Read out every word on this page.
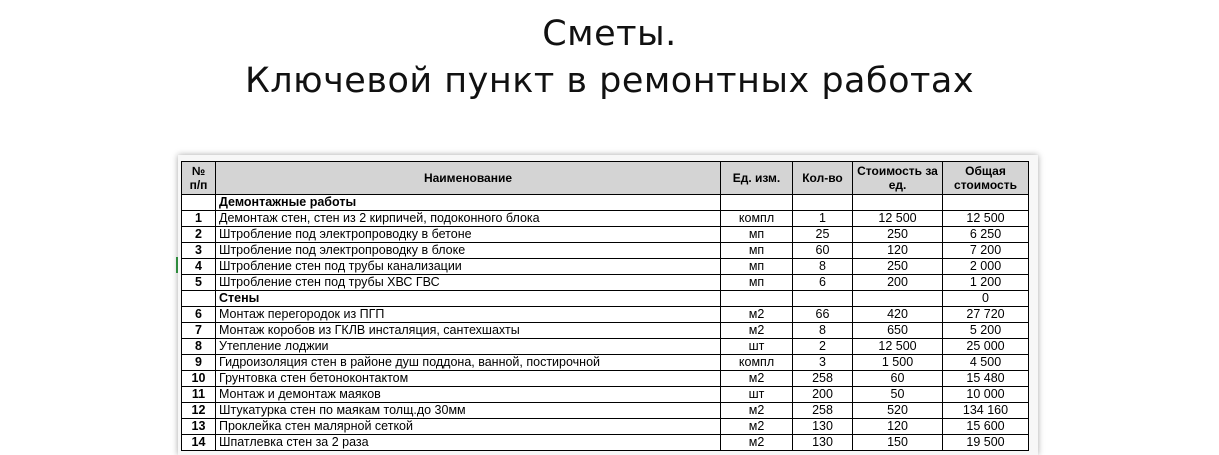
Сметы.
Ключевой пункт в ремонтных работах
№ п/п	Наименование	Ед. изм.	Кол-во	Стоимость за ед.	Общая стоимость
	Демонтажные работы				
1	Демонтаж стен, стен из 2 кирпичей, подоконного блока	компл	1	12 500	12 500
2	Штробление под электропроводку в бетоне	мп	25	250	6 250
3	Штробление под электропроводку в блоке	мп	60	120	7 200
4	Штробление стен под трубы канализации	мп	8	250	2 000
5	Штробление стен под трубы ХВС ГВС	мп	6	200	1 200
	Стены				0
6	Монтаж перегородок из ПГП	м2	66	420	27 720
7	Монтаж коробов из ГКЛВ инсталяция, сантехшахты	м2	8	650	5 200
8	Утепление лоджии	шт	2	12 500	25 000
9	Гидроизоляция стен в районе душ поддона, ванной, постирочной	компл	3	1 500	4 500
10	Грунтовка стен бетоноконтактом	м2	258	60	15 480
11	Монтаж и демонтаж маяков	шт	200	50	10 000
12	Штукатурка стен по маякам толщ.до 30мм	м2	258	520	134 160
13	Проклейка стен малярной сеткой	м2	130	120	15 600
14	Шпатлевка стен за 2 раза	м2	130	150	19 500
